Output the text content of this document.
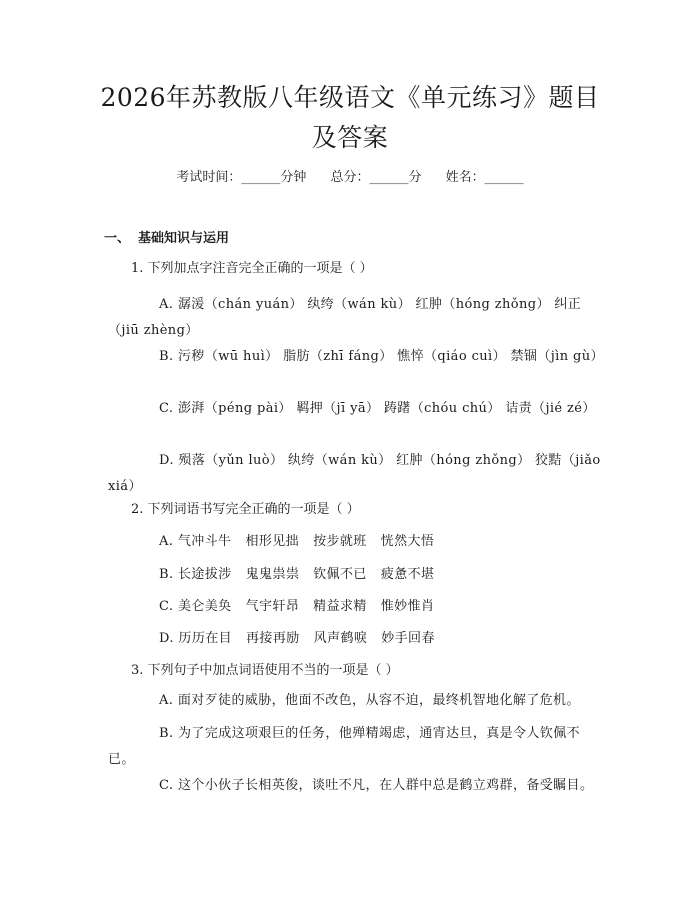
2026年苏教版八年级语文《单元练习》题目
及答案
考试时间：______分钟 总分：______分 姓名：______
一、 基础知识与运用
1. 下列加点字注音完全正确的一项是（ ）
A. 潺湲（chán yuán） 纨绔（wán kù） 红肿（hóng zhǒng） 纠正（jiū zhèng）
B. 污秽（wū huì） 脂肪（zhī fáng） 憔悴（qiáo cuì） 禁锢（jìn gù）
C. 澎湃（péng pài） 羁押（jī yā） 踌躇（chóu chú） 诘责（jié zé）
D. 殒落（yǔn luò） 纨绔（wán kù） 红肿（hóng zhǒng） 狡黠（jiǎo xiá）
2. 下列词语书写完全正确的一项是（ ）
A. 气冲斗牛 相形见拙 按步就班 恍然大悟
B. 长途拔涉 鬼鬼祟祟 钦佩不已 疲惫不堪
C. 美仑美奂 气宇轩昂 精益求精 惟妙惟肖
D. 历历在目 再接再励 风声鹤唳 妙手回春
3. 下列句子中加点词语使用不当的一项是（ ）
A. 面对歹徒的威胁，他面不改色，从容不迫，最终机智地化解了危机。
B. 为了完成这项艰巨的任务，他殚精竭虑，通宵达旦，真是令人钦佩不已。
C. 这个小伙子长相英俊，谈吐不凡，在人群中总是鹤立鸡群，备受瞩目。
